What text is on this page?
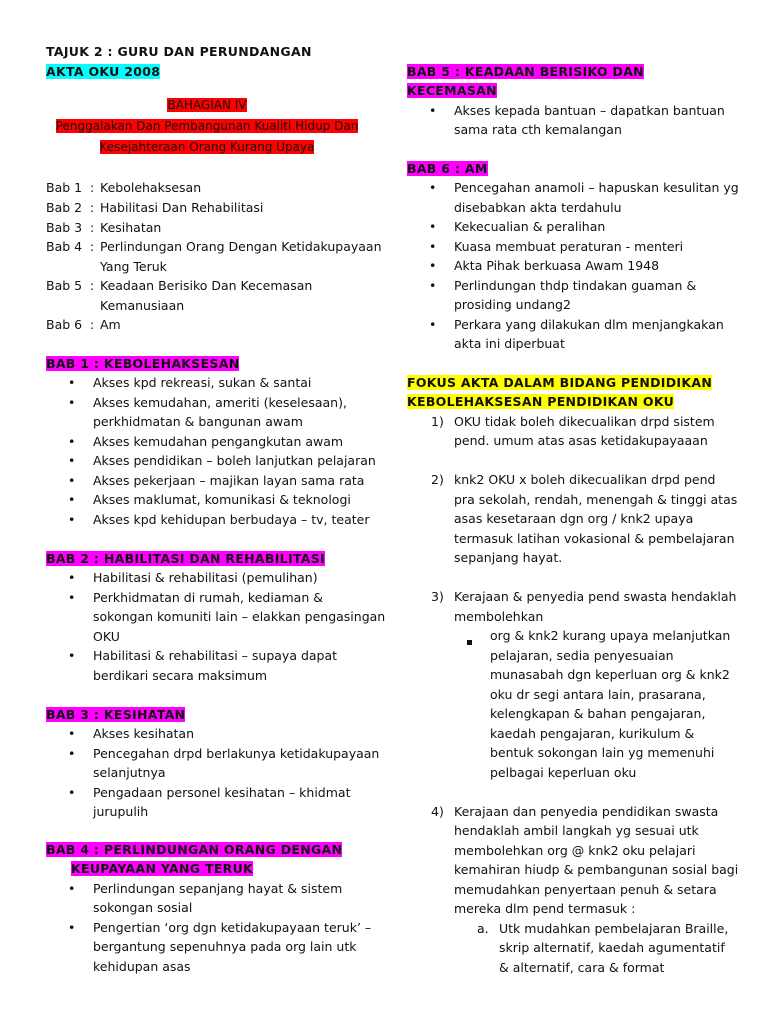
TAJUK 2 : GURU DAN PERUNDANGAN
AKTA OKU 2008
BAHAGIAN IV
Penggalakan Dan Pembangunan Kualiti Hidup Dan
Kesejahteraan Orang Kurang Upaya
Bab 1 : Kebolehaksesan
Bab 2 : Habilitasi Dan Rehabilitasi
Bab 3 : Kesihatan
Bab 4 : Perlindungan Orang Dengan Ketidakupayaan
Yang Teruk
Bab 5 : Keadaan Berisiko Dan Kecemasan
Kemanusiaan
Bab 6 : Am
BAB 1 : KEBOLEHAKSESAN
• Akses kpd rekreasi, sukan & santai
• Akses kemudahan, ameriti (keselesaan),
perkhidmatan & bangunan awam
• Akses kemudahan pengangkutan awam
• Akses pendidikan – boleh lanjutkan pelajaran
• Akses pekerjaan – majikan layan sama rata
• Akses maklumat, komunikasi & teknologi
• Akses kpd kehidupan berbudaya – tv, teater
BAB 2 : HABILITASI DAN REHABILITASI
• Habilitasi & rehabilitasi (pemulihan)
• Perkhidmatan di rumah, kediaman &
sokongan komuniti lain – elakkan pengasingan
OKU
• Habilitasi & rehabilitasi – supaya dapat
berdikari secara maksimum
BAB 3 : KESIHATAN
• Akses kesihatan
• Pencegahan drpd berlakunya ketidakupayaan
selanjutnya
• Pengadaan personel kesihatan – khidmat
jurupulih
BAB 4 : PERLINDUNGAN ORANG DENGAN
KEUPAYAAN YANG TERUK
• Perlindungan sepanjang hayat & sistem
sokongan sosial
• Pengertian ‘org dgn ketidakupayaan teruk’ –
bergantung sepenuhnya pada org lain utk
kehidupan asas
BAB 5 : KEADAAN BERISIKO DAN
KECEMASAN
• Akses kepada bantuan – dapatkan bantuan
sama rata cth kemalangan
BAB 6 : AM
• Pencegahan anamoli – hapuskan kesulitan yg
disebabkan akta terdahulu
• Kekecualian & peralihan
• Kuasa membuat peraturan - menteri
• Akta Pihak berkuasa Awam 1948
• Perlindungan thdp tindakan guaman &
prosiding undang2
• Perkara yang dilakukan dlm menjangkakan
akta ini diperbuat
FOKUS AKTA DALAM BIDANG PENDIDIKAN
KEBOLEHAKSESAN PENDIDIKAN OKU
1) OKU tidak boleh dikecualikan drpd sistem
pend. umum atas asas ketidakupayaaan
2) knk2 OKU x boleh dikecualikan drpd pend
pra sekolah, rendah, menengah & tinggi atas
asas kesetaraan dgn org / knk2 upaya
termasuk latihan vokasional & pembelajaran
sepanjang hayat.
3) Kerajaan & penyedia pend swasta hendaklah
membolehkan
org & knk2 kurang upaya melanjutkan
pelajaran, sedia penyesuaian
munasabah dgn keperluan org & knk2
oku dr segi antara lain, prasarana,
kelengkapan & bahan pengajaran,
kaedah pengajaran, kurikulum &
bentuk sokongan lain yg memenuhi
pelbagai keperluan oku
4) Kerajaan dan penyedia pendidikan swasta
hendaklah ambil langkah yg sesuai utk
membolehkan org @ knk2 oku pelajari
kemahiran hiudp & pembangunan sosial bagi
memudahkan penyertaan penuh & setara
mereka dlm pend termasuk :
a. Utk mudahkan pembelajaran Braille,
skrip alternatif, kaedah agumentatif
& alternatif, cara & format
